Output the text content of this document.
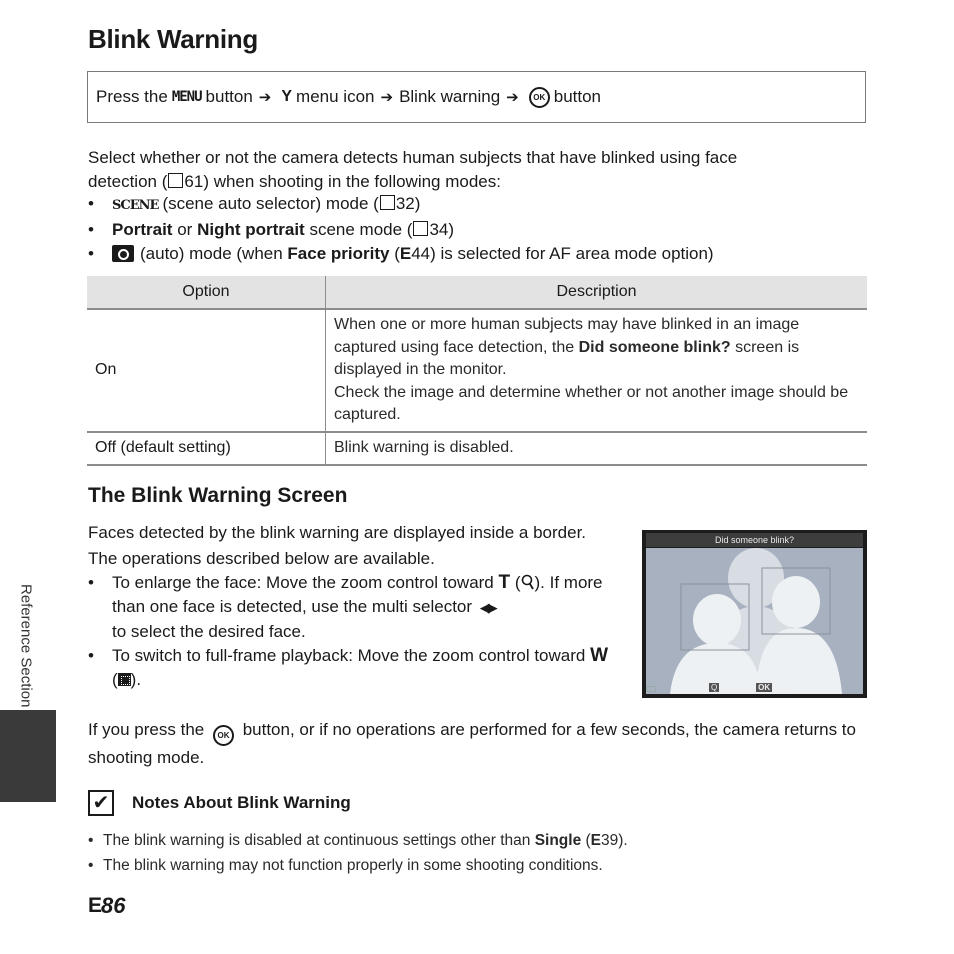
Blink Warning
Press the MENU button ➔ Y menu icon ➔ Blink warning ➔	OK button
Select whether or not the camera detects human subjects that have blinked using face
detection ( 61) when shooting in the following modes:
•	SCENE (scene auto selector) mode ( 32)
•	Portrait or Night portrait scene mode ( 34)
•	(auto) mode (when Face priority (E44) is selected for AF area mode option)
Option	Description
On	When one or more human subjects may have blinked in an image captured using face detection, the Did someone blink? screen is displayed in the monitor.
Check the image and determine whether or not another image should be captured.
Off (default setting)	Blink warning is disabled.
The Blink Warning Screen
Faces detected by the blink warning are displayed inside a border.
The operations described below are available.
•	To enlarge the face: Move the zoom control toward T ( ). If more than one face is detected, use the multi selector ◀▶
to select the desired face.
•	To switch to full-frame playback: Move the zoom control toward W ( ).
If you press the OK button, or if no operations are performed for a few seconds, the camera returns to shooting mode.
Did someone blink?
Q Zoom in OK Exit
✔ Notes About Blink Warning
• The blink warning is disabled at continuous settings other than Single (E39).
• The blink warning may not function properly in some shooting conditions.
Reference Section
E 86
